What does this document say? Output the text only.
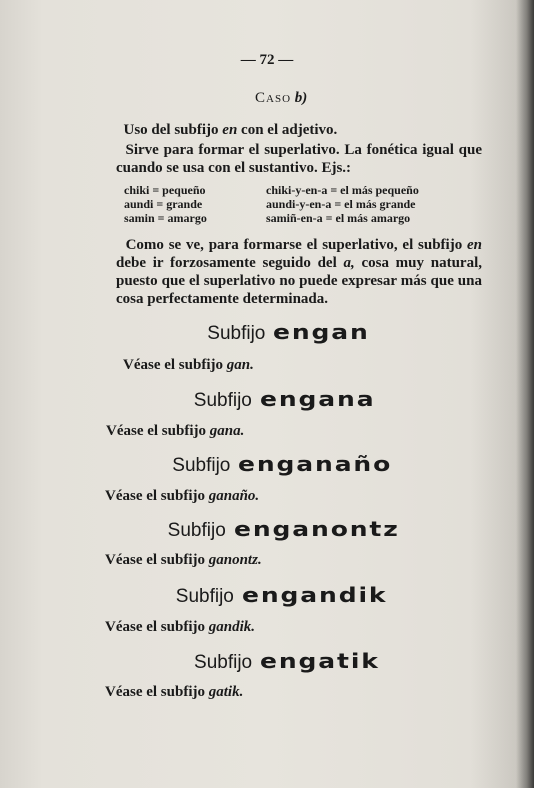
— 72 —
Caso b)
Uso del subfijo en con el adjetivo.
Sirve para formar el superlativo. La fonética igual que cuando se usa con el sustantivo. Ejs.:
chiki = pequeño	chiki-y-en-a = el más pequeño
aundi = grande	aundi-y-en-a = el más grande
samin = amargo	samiñ-en-a = el más amargo
Como se ve, para formarse el superlativo, el subfijo en debe ir forzosamente seguido del a, cosa muy natural, puesto que el superlativo no puede expresar más que una cosa perfectamente determinada.
Subfijo engan
Véase el subfijo gan.
Subfijo engana
Véase el subfijo gana.
Subfijo enganaño
Véase el subfijo ganaño.
Subfijo enganontz
Véase el subfijo ganontz.
Subfijo engandik
Véase el subfijo gandik.
Subfijo engatik
Véase el subfijo gatik.
